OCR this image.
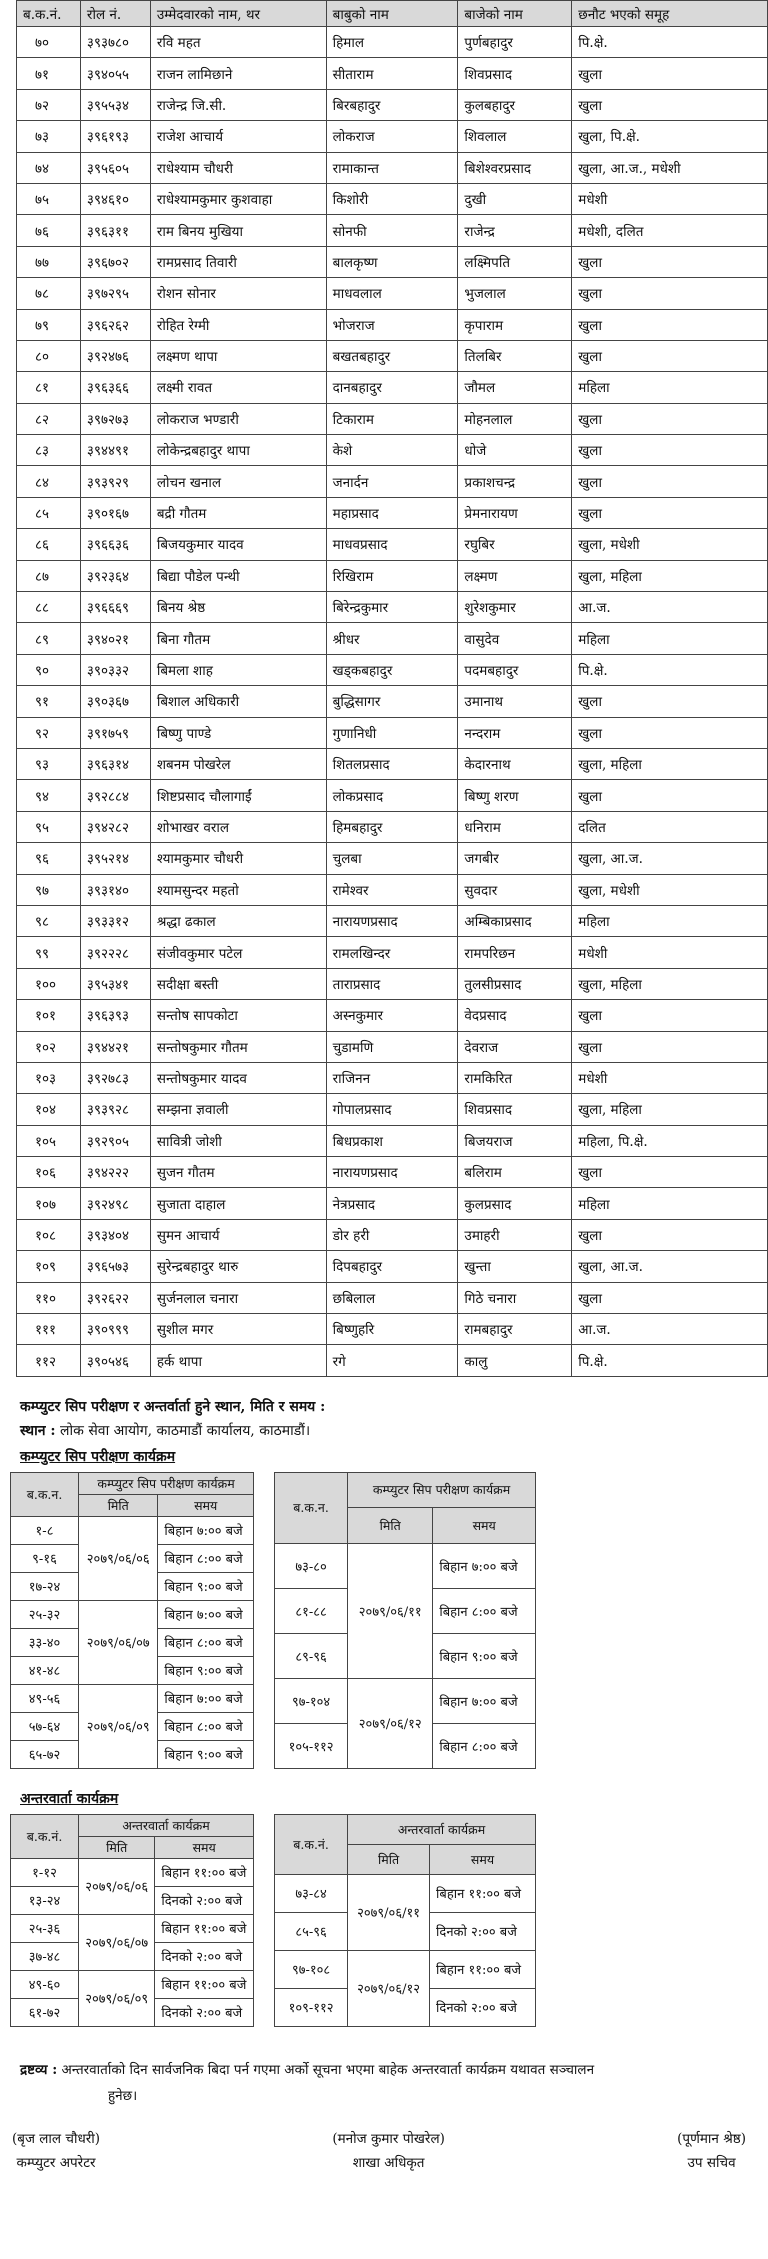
ब.क.नं.	रोल नं.	उम्मेदवारको नाम, थर	बाबुको नाम	बाजेको नाम	छनौट भएको समूह
७०	३९३७८०	रवि महत	हिमाल	पुर्णबहादुर	पि.क्षे.
७१	३९४०५५	राजन लामिछाने	सीताराम	शिवप्रसाद	खुला
७२	३९५५३४	राजेन्द्र जि.सी.	बिरबहादुर	कुलबहादुर	खुला
७३	३९६१९३	राजेश आचार्य	लोकराज	शिवलाल	खुला, पि.क्षे.
७४	३९५६०५	राधेश्याम चौधरी	रामाकान्त	बिशेश्वरप्रसाद	खुला, आ.ज., मधेशी
७५	३९४६१०	राधेश्यामकुमार कुशवाहा	किशोरी	दुखी	मधेशी
७६	३९६३११	राम बिनय मुखिया	सोनफी	राजेन्द्र	मधेशी, दलित
७७	३९६७०२	रामप्रसाद तिवारी	बालकृष्ण	लक्ष्मिपति	खुला
७८	३९७२९५	रोशन सोनार	माधवलाल	भुजलाल	खुला
७९	३९६२६२	रोहित रेग्मी	भोजराज	कृपाराम	खुला
८०	३९२४७६	लक्ष्मण थापा	बखतबहादुर	तिलबिर	खुला
८१	३९६३६६	लक्ष्मी रावत	दानबहादुर	जौमल	महिला
८२	३९७२७३	लोकराज भण्डारी	टिकाराम	मोहनलाल	खुला
८३	३९४४९१	लोकेन्द्रबहादुर थापा	केशे	धोजे	खुला
८४	३९३९२९	लोचन खनाल	जनार्दन	प्रकाशचन्द्र	खुला
८५	३९०१६७	बद्री गौतम	महाप्रसाद	प्रेमनारायण	खुला
८६	३९६६३६	बिजयकुमार यादव	माधवप्रसाद	रघुबिर	खुला, मधेशी
८७	३९२३६४	बिद्या पौडेल पन्थी	रिखिराम	लक्ष्मण	खुला, महिला
८८	३९६६६९	बिनय श्रेष्ठ	बिरेन्द्रकुमार	शुरेशकुमार	आ.ज.
८९	३९४०२१	बिना गौतम	श्रीधर	वासुदेव	महिला
९०	३९०३३२	बिमला शाह	खड्कबहादुर	पदमबहादुर	पि.क्षे.
९१	३९०३६७	बिशाल अधिकारी	बुद्धिसागर	उमानाथ	खुला
९२	३९१७५९	बिष्णु पाण्डे	गुणानिधी	नन्दराम	खुला
९३	३९६३१४	शबनम पोखरेल	शितलप्रसाद	केदारनाथ	खुला, महिला
९४	३९२८८४	शिष्टप्रसाद चौलागाईं	लोकप्रसाद	बिष्णु शरण	खुला
९५	३९४२८२	शोभाखर वराल	हिमबहादुर	धनिराम	दलित
९६	३९५२१४	श्यामकुमार चौधरी	चुलबा	जगबीर	खुला, आ.ज.
९७	३९३१४०	श्यामसुन्दर महतो	रामेश्वर	सुवदार	खुला, मधेशी
९८	३९३३१२	श्रद्धा ढकाल	नारायणप्रसाद	अम्बिकाप्रसाद	महिला
९९	३९२२२८	संजीवकुमार पटेल	रामलखिन्दर	रामपरिछन	मधेशी
१००	३९५३४१	सदीक्षा बस्ती	ताराप्रसाद	तुलसीप्रसाद	खुला, महिला
१०१	३९६३९३	सन्तोष सापकोटा	अस्नकुमार	वेदप्रसाद	खुला
१०२	३९४४२१	सन्तोषकुमार गौतम	चुडामणि	देवराज	खुला
१०३	३९२७८३	सन्तोषकुमार यादव	राजिनन	रामकिरित	मधेशी
१०४	३९३९२८	सम्झना ज्ञवाली	गोपालप्रसाद	शिवप्रसाद	खुला, महिला
१०५	३९२९०५	सावित्री जोशी	बिधप्रकाश	बिजयराज	महिला, पि.क्षे.
१०६	३९४२२२	सुजन गौतम	नारायणप्रसाद	बलिराम	खुला
१०७	३९२४९८	सुजाता दाहाल	नेत्रप्रसाद	कुलप्रसाद	महिला
१०८	३९३४०४	सुमन आचार्य	डोर हरी	उमाहरी	खुला
१०९	३९६५७३	सुरेन्द्रबहादुर थारु	दिपबहादुर	खुन्ता	खुला, आ.ज.
११०	३९२६२२	सुर्जनलाल चनारा	छबिलाल	गिठे चनारा	खुला
१११	३९०९९९	सुशील मगर	बिष्णुहरि	रामबहादुर	आ.ज.
११२	३९०५४६	हर्क थापा	रगे	कालु	पि.क्षे.
कम्प्युटर सिप परीक्षण र अन्तर्वार्ता हुने स्थान, मिति र समय :
स्थान : लोक सेवा आयोग, काठमाडौं कार्यालय, काठमाडौं।
कम्प्युटर सिप परीक्षण कार्यक्रम
ब.क.न.	कम्प्युटर सिप परीक्षण कार्यक्रम	
	मिति	समय
१-८	२०७९/०६/०६	बिहान ७:०० बजे
९-१६		बिहान ८:०० बजे
१७-२४		बिहान ९:०० बजे
२५-३२	२०७९/०६/०७	बिहान ७:०० बजे
३३-४०		बिहान ८:०० बजे
४१-४८		बिहान ९:०० बजे
४९-५६	२०७९/०६/०९	बिहान ७:०० बजे
५७-६४		बिहान ८:०० बजे
६५-७२		बिहान ९:०० बजे
ब.क.न.	कम्प्युटर सिप परीक्षण कार्यक्रम	
	मिति	समय
७३-८०	२०७९/०६/११	बिहान ७:०० बजे
८१-८८		बिहान ८:०० बजे
८९-९६		बिहान ९:०० बजे
९७-१०४	२०७९/०६/१२	बिहान ७:०० बजे
१०५-११२		बिहान ८:०० बजे
अन्तरवार्ता कार्यक्रम
ब.क.नं.	अन्तरवार्ता कार्यक्रम	
	मिति	समय
१-१२	२०७९/०६/०६	बिहान ११:०० बजे
१३-२४		दिनको २:०० बजे
२५-३६	२०७९/०६/०७	बिहान ११:०० बजे
३७-४८		दिनको २:०० बजे
४९-६०	२०७९/०६/०९	बिहान ११:०० बजे
६१-७२		दिनको २:०० बजे
ब.क.नं.	अन्तरवार्ता कार्यक्रम	
	मिति	समय
७३-८४	२०७९/०६/११	बिहान ११:०० बजे
८५-९६		दिनको २:०० बजे
९७-१०८	२०७९/०६/१२	बिहान ११:०० बजे
१०९-११२		दिनको २:०० बजे
द्रष्टव्य : अन्तरवार्ताको दिन सार्वजनिक बिदा पर्न गएमा अर्को सूचना भएमा बाहेक अन्तरवार्ता कार्यक्रम यथावत सञ्चालन
हुनेछ।
(बृज लाल चौधरी)
कम्प्युटर अपरेटर
(मनोज कुमार पोखरेल)
शाखा अधिकृत
(पूर्णमान श्रेष्ठ)
उप सचिव
